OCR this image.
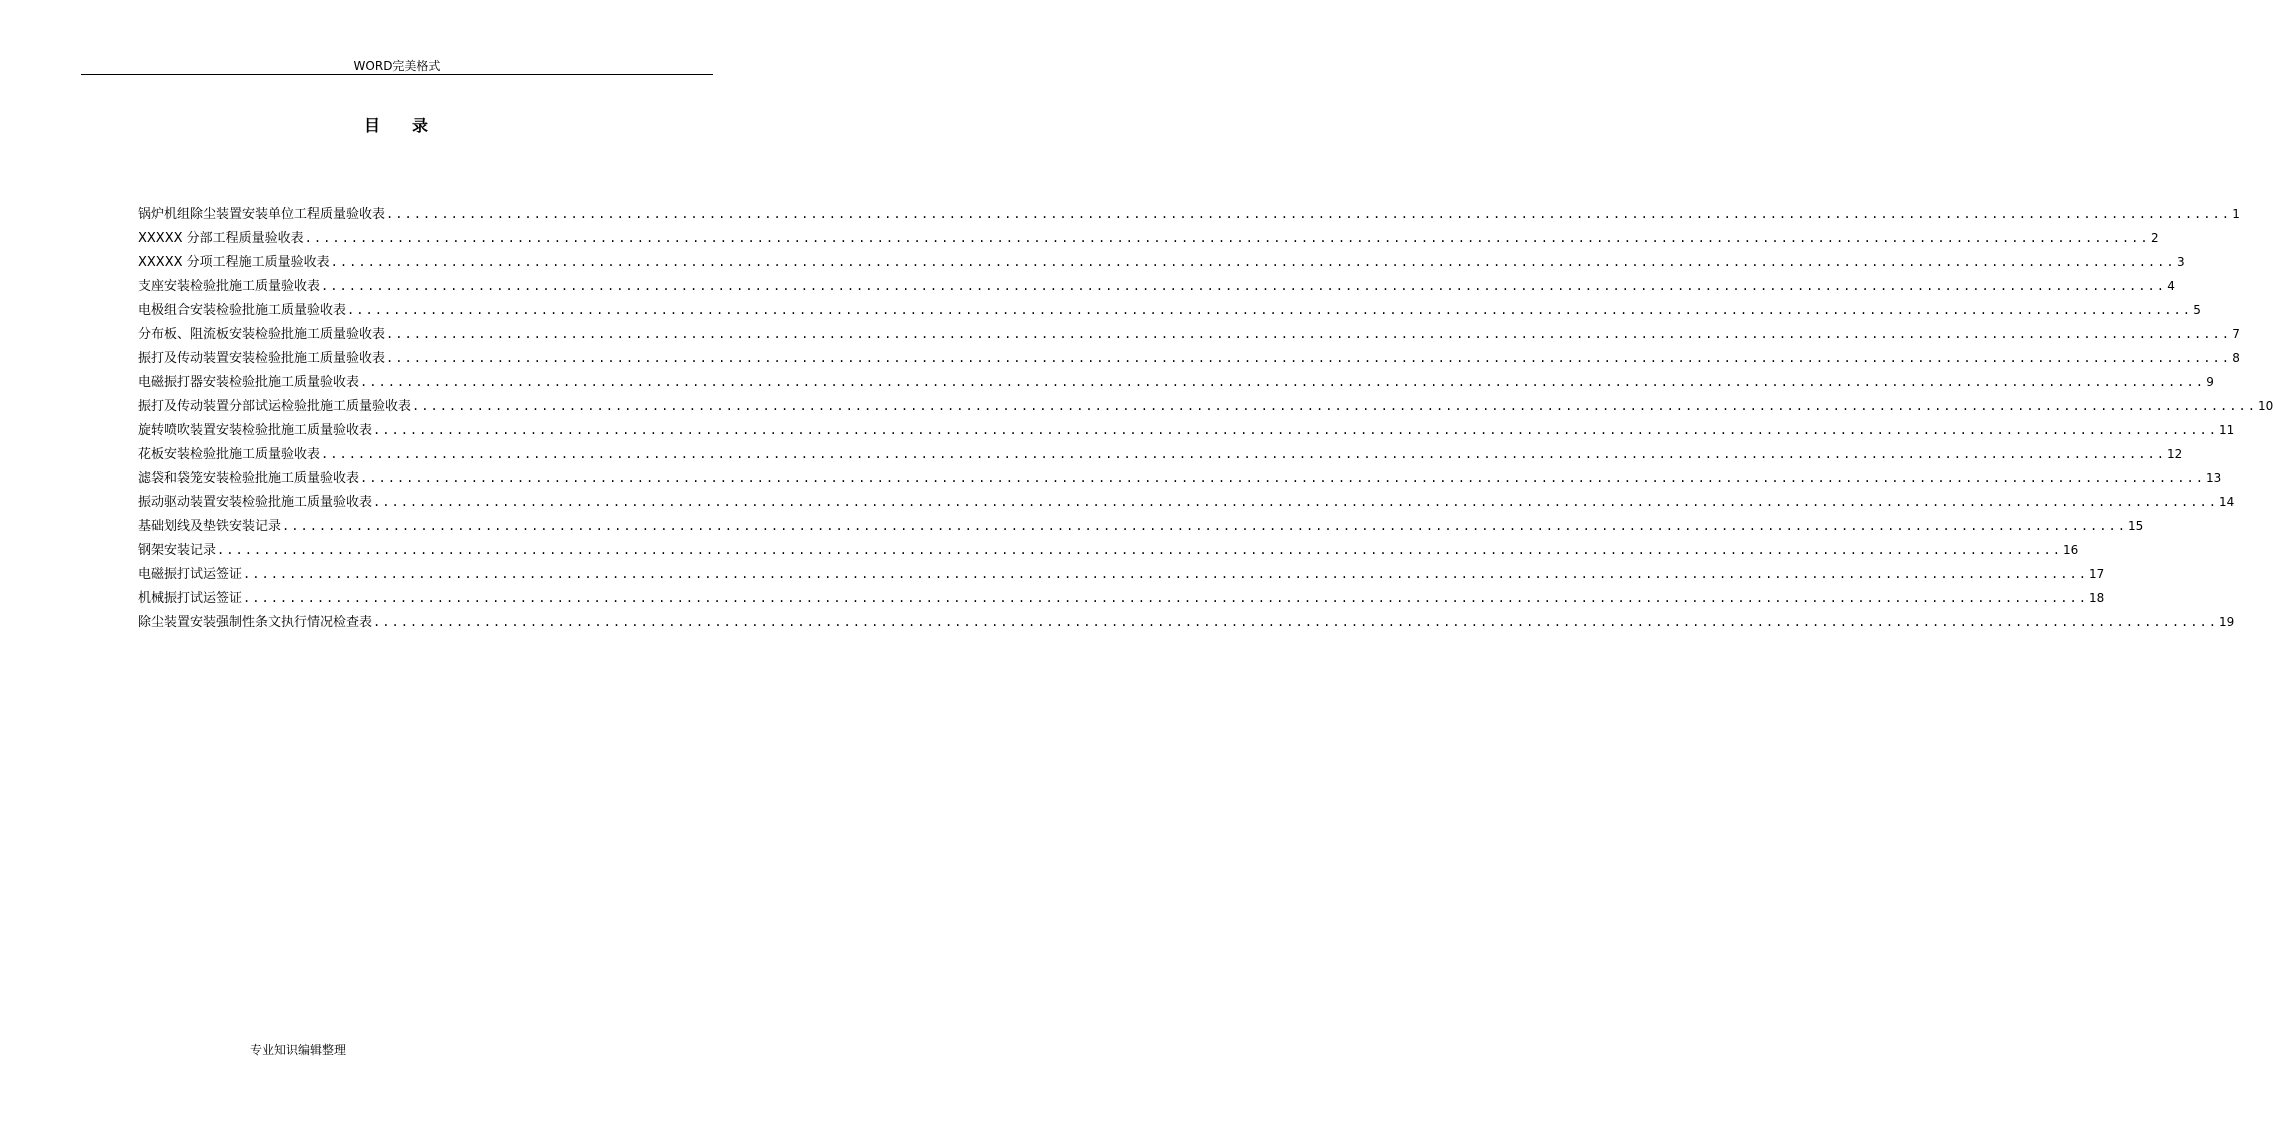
WORD完美格式
目 录
锅炉机组除尘装置安装单位工程质量验收表 ........................................................................................................................................................................................................ 1
XXXXX 分部工程质量验收表 ........................................................................................................................................................................................................ 2
XXXXX 分项工程施工质量验收表 ........................................................................................................................................................................................................ 3
支座安装检验批施工质量验收表 ........................................................................................................................................................................................................ 4
电极组合安装检验批施工质量验收表 ........................................................................................................................................................................................................ 5
分布板、阻流板安装检验批施工质量验收表 ........................................................................................................................................................................................................ 7
振打及传动装置安装检验批施工质量验收表 ........................................................................................................................................................................................................ 8
电磁振打器安装检验批施工质量验收表 ........................................................................................................................................................................................................ 9
振打及传动装置分部试运检验批施工质量验收表 ........................................................................................................................................................................................................ 10
旋转喷吹装置安装检验批施工质量验收表 ........................................................................................................................................................................................................ 11
花板安装检验批施工质量验收表 ........................................................................................................................................................................................................ 12
滤袋和袋笼安装检验批施工质量验收表 ........................................................................................................................................................................................................ 13
振动驱动装置安装检验批施工质量验收表 ........................................................................................................................................................................................................ 14
基础划线及垫铁安装记录 ........................................................................................................................................................................................................ 15
钢架安装记录 ........................................................................................................................................................................................................ 16
电磁振打试运签证 ........................................................................................................................................................................................................ 17
机械振打试运签证 ........................................................................................................................................................................................................ 18
除尘装置安装强制性条文执行情况检查表 ........................................................................................................................................................................................................ 19
专业知识编辑整理
